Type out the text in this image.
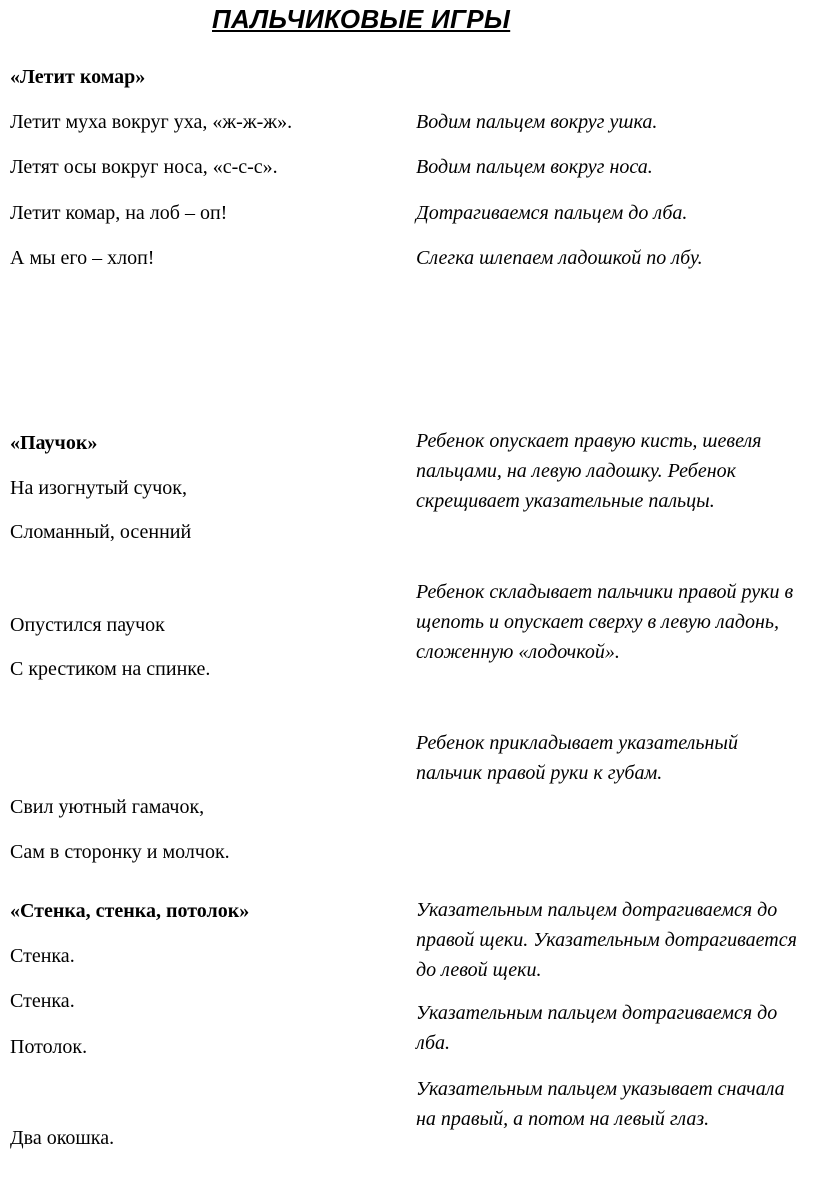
ПАЛЬЧИКОВЫЕ ИГРЫ
«Летит комар»
Летит муха вокруг уха, «ж-ж-ж».
Летят осы вокруг носа, «с-с-с».
Летит комар, на лоб – оп!
А мы его – хлоп!
Водим пальцем вокруг ушка.
Водим пальцем вокруг носа.
Дотрагиваемся пальцем до лба.
Слегка шлепаем ладошкой по лбу.
«Паучок»
На изогнутый сучок,
Сломанный, осенний
Опустился паучок
С крестиком на спинке.
Свил уютный гамачок,
Сам в сторонку и молчок.
Ребенок опускает правую кисть, шевеля пальцами, на левую ладошку. Ребенок скрещивает указательные пальцы.
Ребенок складывает пальчики правой руки в щепоть и опускает сверху в левую ладонь, сложенную «лодочкой».
Ребенок прикладывает указательный пальчик правой руки к губам.
«Стенка, стенка, потолок»
Стенка.
Стенка.
Потолок.
Два окошка.
Указательным пальцем дотрагиваемся до правой щеки. Указательным дотрагивается до левой щеки.
Указательным пальцем дотрагиваемся до лба.
Указательным пальцем указывает сначала на правый, а потом на левый глаз.
